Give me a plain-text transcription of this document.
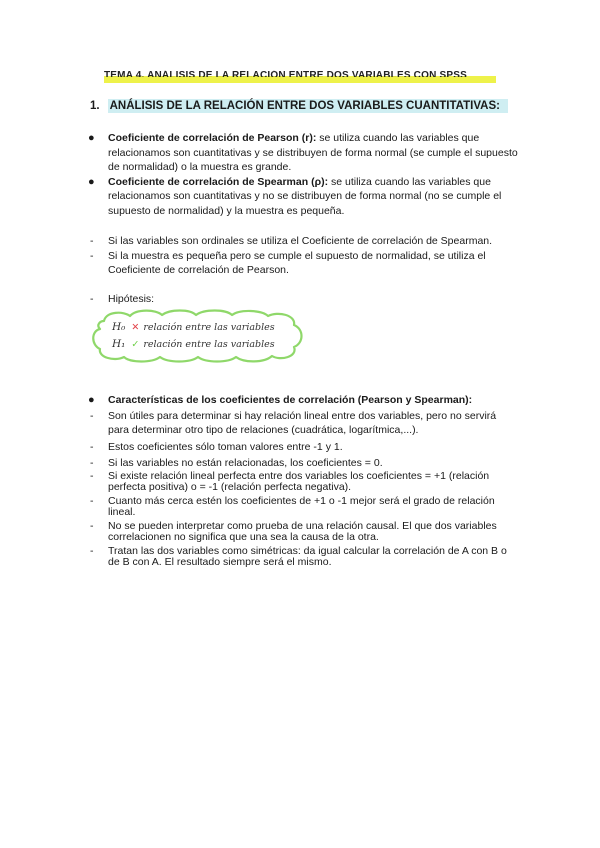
TEMA 4. ANÁLISIS DE LA RELACIÓN ENTRE DOS VARIABLES CON SPSS
1. ANÁLISIS DE LA RELACIÓN ENTRE DOS VARIABLES CUANTITATIVAS:
●	Coeficiente de correlación de Pearson (r): se utiliza cuando las variables que relacionamos son cuantitativas y se distribuyen de forma normal (se cumple el supuesto de normalidad) o la muestra es grande.
●	Coeficiente de correlación de Spearman (ρ): se utiliza cuando las variables que relacionamos son cuantitativas y no se distribuyen de forma normal (no se cumple el supuesto de normalidad) y la muestra es pequeña.
- Si las variables son ordinales se utiliza el Coeficiente de correlación de Spearman.
- Si la muestra es pequeña pero se cumple el supuesto de normalidad, se utiliza el Coeficiente de correlación de Pearson.
- Hipótesis:
H₀ ✕ relación entre las variables
H₁ ✓ relación entre las variables
●	Características de los coeficientes de correlación (Pearson y Spearman):
- Son útiles para determinar si hay relación lineal entre dos variables, pero no servirá para determinar otro tipo de relaciones (cuadrática, logarítmica,...).
- Estos coeficientes sólo toman valores entre -1 y 1.
- Si las variables no están relacionadas, los coeficientes = 0.
- Si existe relación lineal perfecta entre dos variables los coeficientes = +1 (relación perfecta positiva) o = -1 (relación perfecta negativa).
- Cuanto más cerca estén los coeficientes de +1 o -1 mejor será el grado de relación lineal.
- No se pueden interpretar como prueba de una relación causal. El que dos variables correlacionen no significa que una sea la causa de la otra.
- Tratan las dos variables como simétricas: da igual calcular la correlación de A con B o de B con A. El resultado siempre será el mismo.
